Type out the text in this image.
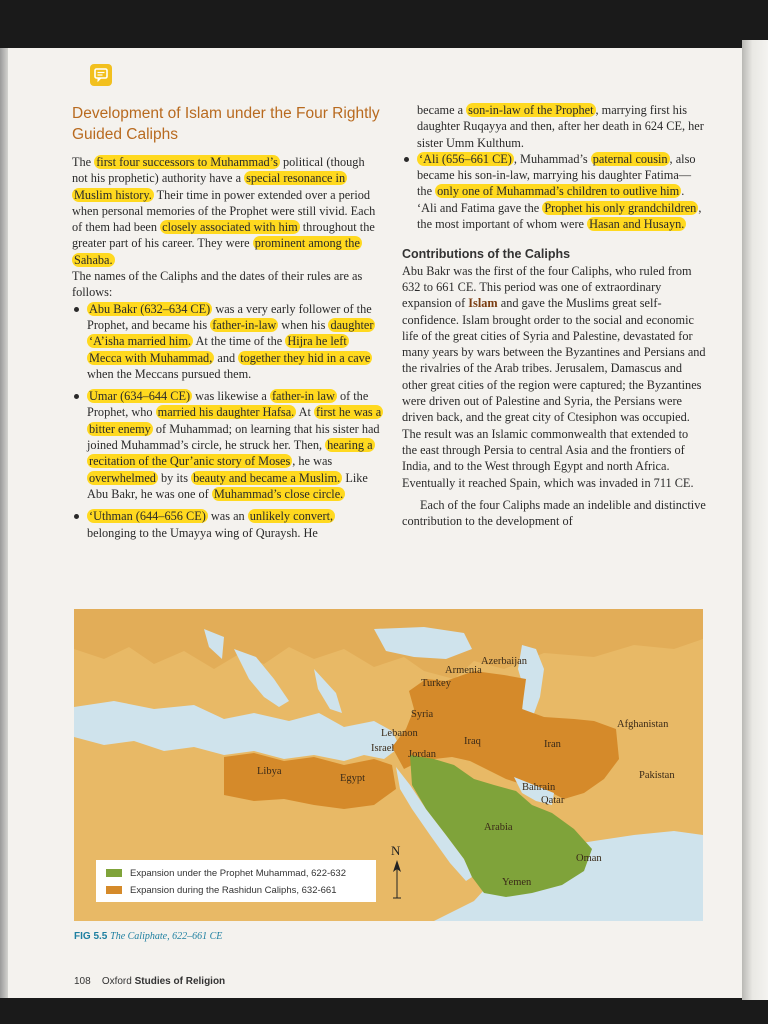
Development of Islam under the Four Rightly Guided Caliphs

The first four successors to Muhammad’s political (though not his prophetic) authority have a special resonance in Muslim history. Their time in power extended over a period when personal memories of the Prophet were still vivid. Each of them had been closely associated with him throughout the greater part of his career. They were prominent among the Sahaba.

The names of the Caliphs and the dates of their rules are as follows:

Abu Bakr (632–634 CE) was a very early follower of the Prophet, and became his father-in-law when his daughter ‘A’isha married him. At the time of the Hijra he left Mecca with Muhammad, and together they hid in a cave when the Meccans pursued them.
Umar (634–644 CE) was likewise a father-in law of the Prophet, who married his daughter Hafsa. At first he was a bitter enemy of Muhammad; on learning that his sister had joined Muhammad’s circle, he struck her. Then, hearing a recitation of the Qur’anic story of Moses , he was overwhelmed by its beauty and became a Muslim. Like Abu Bakr, he was one of Muhammad’s close circle.
‘Uthman (644–656 CE) was an unlikely convert, belonging to the Umayya wing of Quraysh. He

became a son-in-law of the Prophet , marrying first his daughter Ruqayya and then, after her death in 624 CE, her sister Umm Kulthum.

‘Ali (656–661 CE) , Muhammad’s paternal cousin , also became his son-in-law, marrying his daughter Fatima—the only one of Muhammad’s children to outlive him . ‘Ali and Fatima gave the Prophet his only grandchildren , the most important of whom were Hasan and Husayn.

Contributions of the Caliphs

Abu Bakr was the first of the four Caliphs, who ruled from 632 to 661 CE. This period was one of extraordinary expansion of Islam and gave the Muslims great self-confidence. Islam brought order to the social and economic life of the great cities of Syria and Palestine, devastated for many years by wars between the Byzantines and Persians and the rivalries of the Arab tribes. Jerusalem, Damascus and other great cities of the region were captured; the Byzantines were driven out of Palestine and Syria, the Persians were driven back, and the great city of Ctesiphon was occupied. The result was an Islamic commonwealth that extended to the east through Persia to central Asia and the frontiers of India, and to the West through Egypt and north Africa. Eventually it reached Spain, which was invaded in 711 CE.

Each of the four Caliphs made an indelible and distinctive contribution to the development of

Armenia
Azerbaijan
Turkey
Syria
Lebanon
Israel
Jordan
Iraq	Iran
Afghanistan
Pakistan
Libya
Egypt
Bahrain
Qatar
Arabia
Oman
Yemen
Expansion under the Prophet Muhammad, 622-632
Expansion during the Rashidun Caliphs, 632-661
N
FIG 5.5 The Caliphate, 622–661 CE
108 Oxford Studies of Religion
